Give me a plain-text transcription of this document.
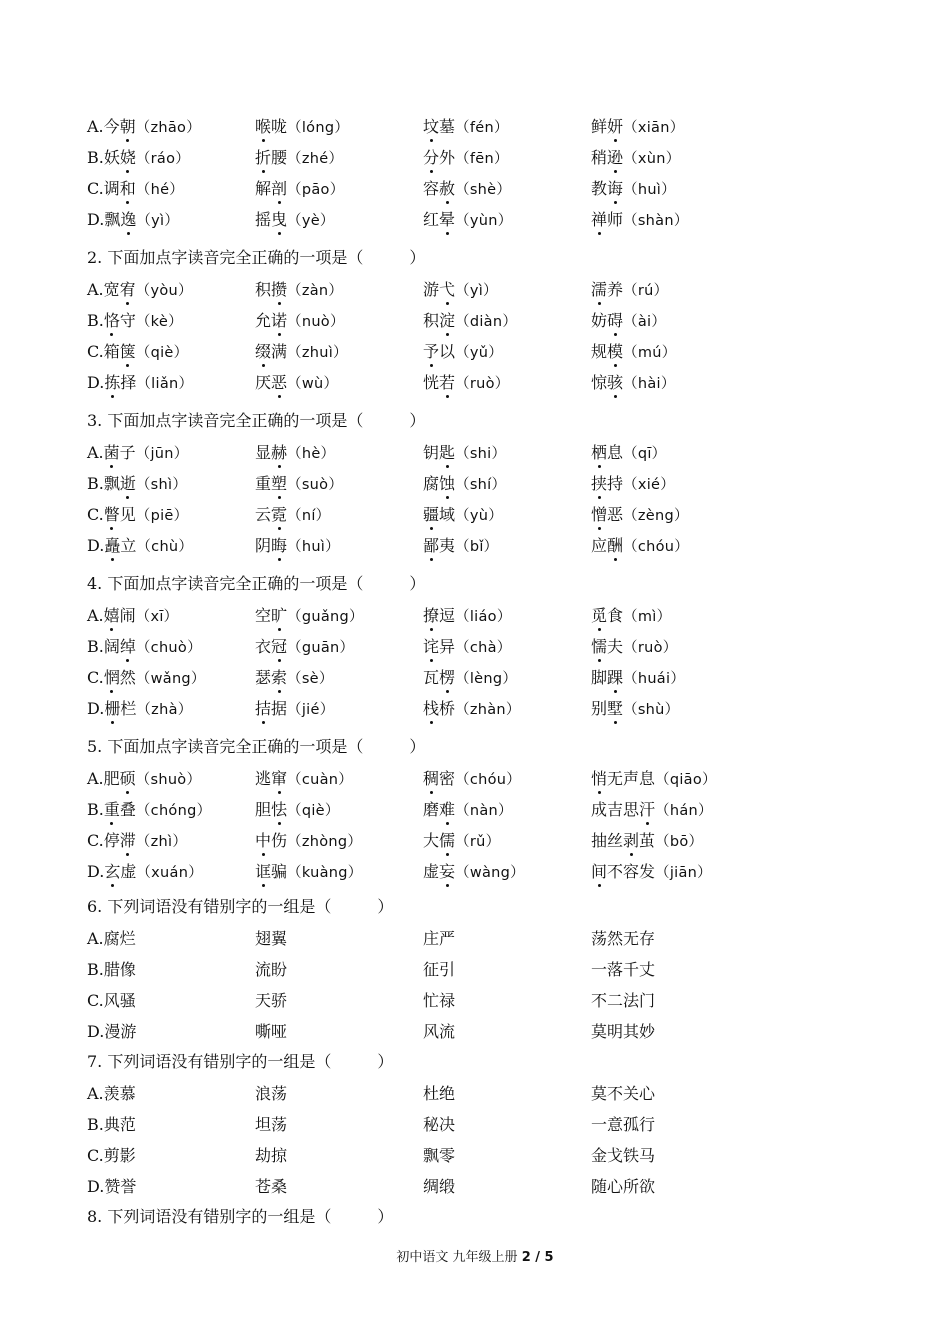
A.今朝（zhāo）	喉咙（lóng）	坟墓（fén）	鲜妍（xiān）
B.妖娆（ráo）	折腰（zhé）	分外（fēn）	稍逊（xùn）
C.调和（hé）	解剖（pāo）	容赦（shè）	教诲（huì）
D.飘逸（yì）	摇曳（yè）	红晕（yùn）	禅师（shàn）
2. 下面加点字读音完全正确的一项是（	）
A.宽宥（yòu）	积攒（zàn）	游弋（yì）	濡养（rú）
B.恪守（kè）	允诺（nuò）	积淀（diàn）	妨碍（ài）
C.箱箧（qiè）	缀满（zhuì）	予以（yǔ）	规模（mú）
D.拣择（liǎn）	厌恶（wù）	恍若（ruò）	惊骇（hài）
3. 下面加点字读音完全正确的一项是（	）
A.菌子（jūn）	显赫（hè）	钥匙（shi）	栖息（qī）
B.飘逝（shì）	重塑（suò）	腐蚀（shí）	挟持（xié）
C.瞥见（piē）	云霓（ní）	疆域（yù）	憎恶（zèng）
D.矗立（chù）	阴晦（huì）	鄙夷（bǐ）	应酬（chóu）
4. 下面加点字读音完全正确的一项是（	）
A.嬉闹（xī）	空旷（guǎng）	撩逗（liáo）	觅食（mì）
B.阔绰（chuò）	衣冠（guān）	诧异（chà）	懦夫（ruò）
C.惘然（wǎng）	瑟索（sè）	瓦楞（lèng）	脚踝（huái）
D.栅栏（zhà）	拮据（jié）	栈桥（zhàn）	别墅（shù）
5. 下面加点字读音完全正确的一项是（	）
A.肥硕（shuò）	逃窜（cuàn）	稠密（chóu）	悄无声息（qiāo）
B.重叠（chóng）	胆怯（qiè）	磨难（nàn）	成吉思汗（hán）
C.停滞（zhì）	中伤（zhòng）	大儒（rǔ）	抽丝剥茧（bō）
D.玄虚（xuán）	诓骗（kuàng）	虚妄（wàng）	间不容发（jiān）
6. 下列词语没有错别字的一组是（	）
A.腐烂	翅翼	庄严	荡然无存
B.腊像	流盼	征引	一落千丈
C.风骚	天骄	忙禄	不二法门
D.漫游	嘶哑	风流	莫明其妙
7. 下列词语没有错别字的一组是（	）
A.羡慕	浪荡	杜绝	莫不关心
B.典范	坦荡	秘决	一意孤行
C.剪影	劫掠	飘零	金戈铁马
D.赞誉	苍桑	绸缎	随心所欲
8. 下列词语没有错别字的一组是（	）
初中语文 九年级上册 2 / 5
